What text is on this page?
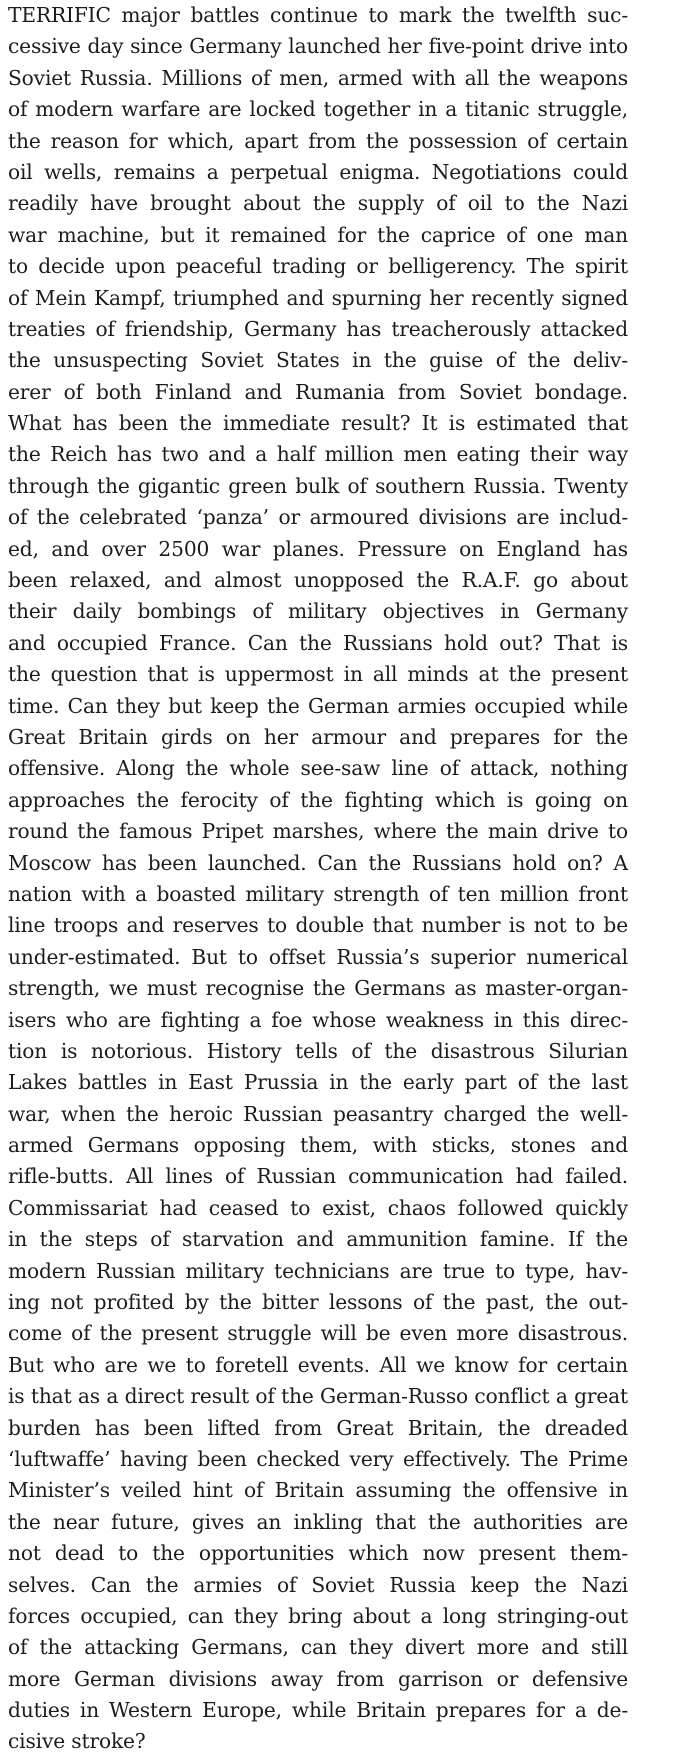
TERRIFIC major battles continue to mark the twelfth suc-
cessive day since Germany launched her five-point drive into
Soviet Russia. Millions of men, armed with all the weapons
of modern warfare are locked together in a titanic struggle,
the reason for which, apart from the possession of certain
oil wells, remains a perpetual enigma. Negotiations could
readily have brought about the supply of oil to the Nazi
war machine, but it remained for the caprice of one man
to decide upon peaceful trading or belligerency. The spirit
of Mein Kampf, triumphed and spurning her recently signed
treaties of friendship, Germany has treacherously attacked
the unsuspecting Soviet States in the guise of the deliv-
erer of both Finland and Rumania from Soviet bondage.
What has been the immediate result? It is estimated that
the Reich has two and a half million men eating their way
through the gigantic green bulk of southern Russia. Twenty
of the celebrated ‘panza’ or armoured divisions are includ-
ed, and over 2500 war planes. Pressure on England has
been relaxed, and almost unopposed the R.A.F. go about
their daily bombings of military objectives in Germany
and occupied France. Can the Russians hold out? That is
the question that is uppermost in all minds at the present
time. Can they but keep the German armies occupied while
Great Britain girds on her armour and prepares for the
offensive. Along the whole see-saw line of attack, nothing
approaches the ferocity of the fighting which is going on
round the famous Pripet marshes, where the main drive to
Moscow has been launched. Can the Russians hold on? A
nation with a boasted military strength of ten million front
line troops and reserves to double that number is not to be
under-estimated. But to offset Russia’s superior numerical
strength, we must recognise the Germans as master-organ-
isers who are fighting a foe whose weakness in this direc-
tion is notorious. History tells of the disastrous Silurian
Lakes battles in East Prussia in the early part of the last
war, when the heroic Russian peasantry charged the well-
armed Germans opposing them, with sticks, stones and
rifle-butts. All lines of Russian communication had failed.
Commissariat had ceased to exist, chaos followed quickly
in the steps of starvation and ammunition famine. If the
modern Russian military technicians are true to type, hav-
ing not profited by the bitter lessons of the past, the out-
come of the present struggle will be even more disastrous.
But who are we to foretell events. All we know for certain
is that as a direct result of the German-Russo conflict a great
burden has been lifted from Great Britain, the dreaded
‘luftwaffe’ having been checked very effectively. The Prime
Minister’s veiled hint of Britain assuming the offensive in
the near future, gives an inkling that the authorities are
not dead to the opportunities which now present them-
selves. Can the armies of Soviet Russia keep the Nazi
forces occupied, can they bring about a long stringing-out
of the attacking Germans, can they divert more and still
more German divisions away from garrison or defensive
duties in Western Europe, while Britain prepares for a de-
cisive stroke?
